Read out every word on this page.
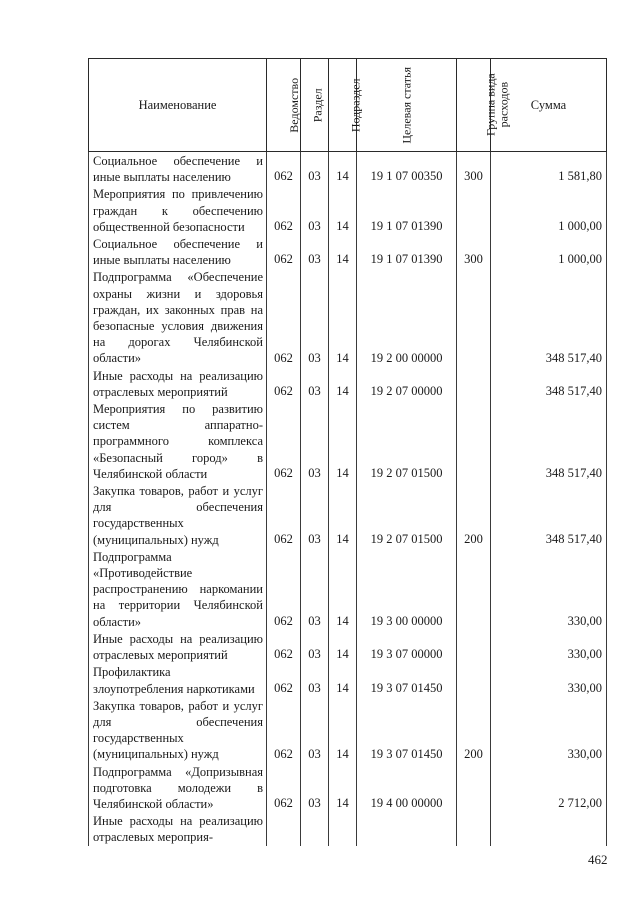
Наименование	Ведомство	Раздел	Подраздел	Целевая статья	Группа вида расходов	Сумма
Социальное обеспечение и иные выплаты населению	062	03	14	19 1 07 00350	300	1 581,80
Мероприятия по привлечению граждан к обеспечению общественной безопасности	062	03	14	19 1 07 01390		1 000,00
Социальное обеспечение и иные выплаты населению	062	03	14	19 1 07 01390	300	1 000,00
Подпрограмма «Обеспечение охраны жизни и здоровья граждан, их законных прав на безопасные условия движения на дорогах Челябинской области»	062	03	14	19 2 00 00000		348 517,40
Иные расходы на реализацию отраслевых мероприятий	062	03	14	19 2 07 00000		348 517,40
Мероприятия по развитию систем аппаратно-программного комплекса «Безопасный город» в Челябинской области	062	03	14	19 2 07 01500		348 517,40
Закупка товаров, работ и услуг для обеспечения государственных (муниципальных) нужд	062	03	14	19 2 07 01500	200	348 517,40
Подпрограмма «Противодействие распространению наркомании на территории Челябинской области»	062	03	14	19 3 00 00000		330,00
Иные расходы на реализацию отраслевых мероприятий	062	03	14	19 3 07 00000		330,00
Профилактика злоупотребления наркотиками	062	03	14	19 3 07 01450		330,00
Закупка товаров, работ и услуг для обеспечения государственных (муниципальных) нужд	062	03	14	19 3 07 01450	200	330,00
Подпрограмма «Допризывная подготовка молодежи в Челябинской области»	062	03	14	19 4 00 00000		2 712,00
Иные расходы на реализацию отраслевых мероприя-						
462
